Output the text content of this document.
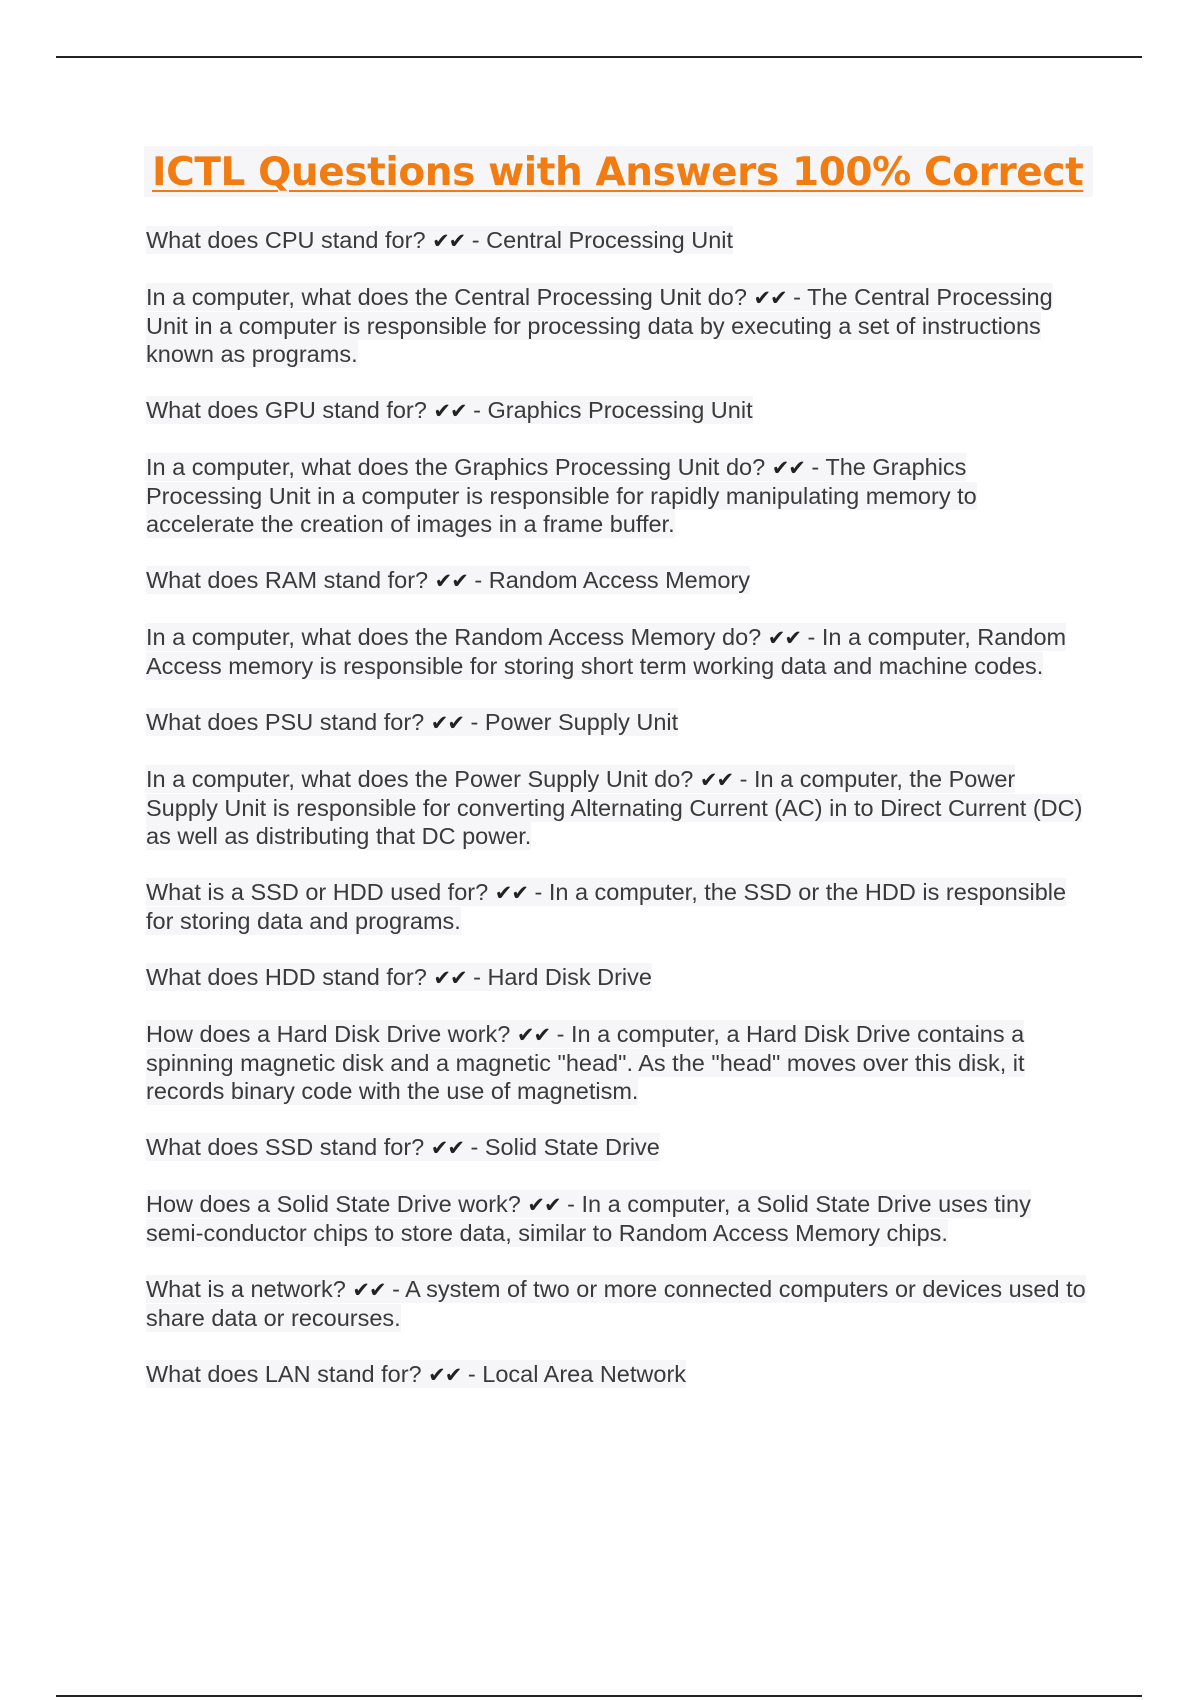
ICTL Questions with Answers 100% Correct
What does CPU stand for? ✔✔ - Central Processing Unit
In a computer, what does the Central Processing Unit do? ✔✔ - The Central Processing Unit in a computer is responsible for processing data by executing a set of instructions known as programs.
What does GPU stand for? ✔✔ - Graphics Processing Unit
In a computer, what does the Graphics Processing Unit do? ✔✔ - The Graphics Processing Unit in a computer is responsible for rapidly manipulating memory to accelerate the creation of images in a frame buffer.
What does RAM stand for? ✔✔ - Random Access Memory
In a computer, what does the Random Access Memory do? ✔✔ - In a computer, Random Access memory is responsible for storing short term working data and machine codes.
What does PSU stand for? ✔✔ - Power Supply Unit
In a computer, what does the Power Supply Unit do? ✔✔ - In a computer, the Power Supply Unit is responsible for converting Alternating Current (AC) in to Direct Current (DC) as well as distributing that DC power.
What is a SSD or HDD used for? ✔✔ - In a computer, the SSD or the HDD is responsible for storing data and programs.
What does HDD stand for? ✔✔ - Hard Disk Drive
How does a Hard Disk Drive work? ✔✔ - In a computer, a Hard Disk Drive contains a spinning magnetic disk and a magnetic "head". As the "head" moves over this disk, it records binary code with the use of magnetism.
What does SSD stand for? ✔✔ - Solid State Drive
How does a Solid State Drive work? ✔✔ - In a computer, a Solid State Drive uses tiny semi-conductor chips to store data, similar to Random Access Memory chips.
What is a network? ✔✔ - A system of two or more connected computers or devices used to share data or recourses.
What does LAN stand for? ✔✔ - Local Area Network
